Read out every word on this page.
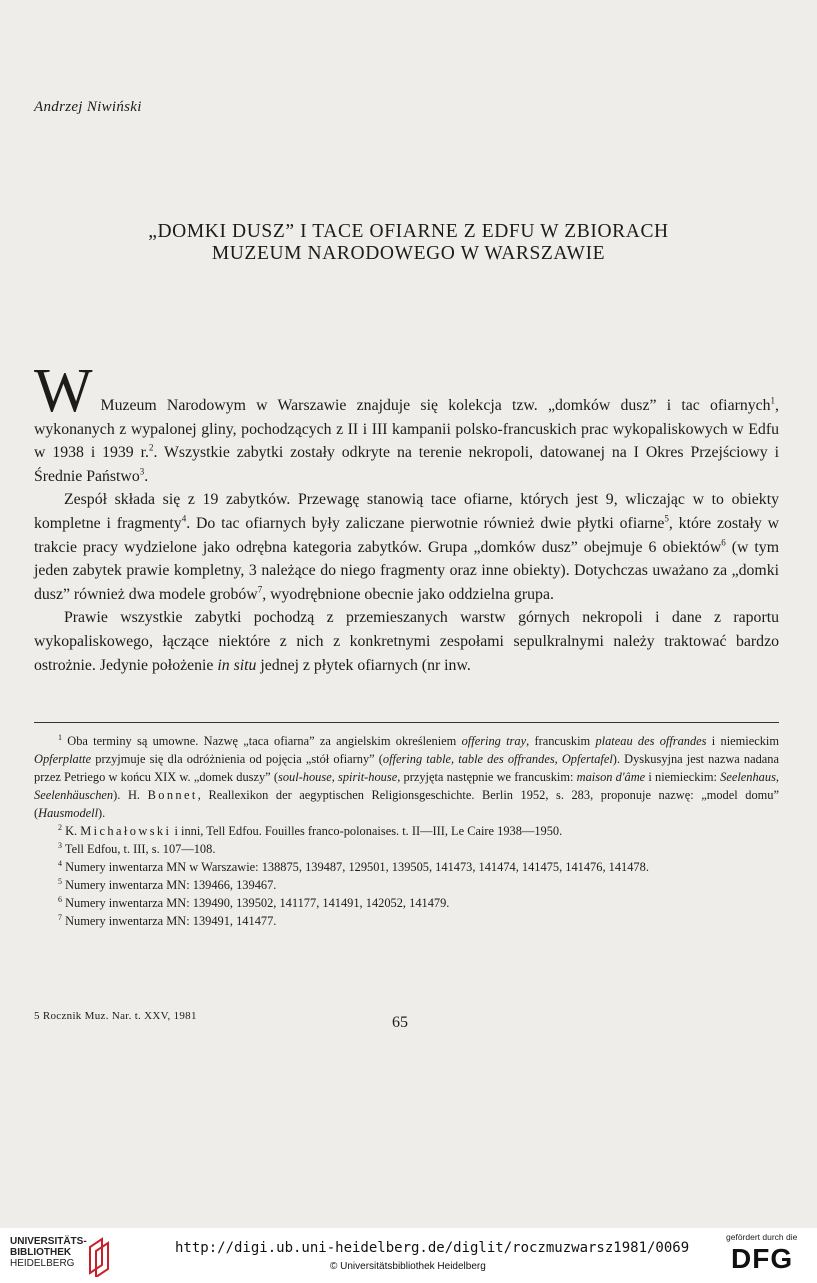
Andrzej Niwiński
„DOMKI DUSZ” I TACE OFIARNE Z EDFU W ZBIORACH
MUZEUM NARODOWEGO W WARSZAWIE

W Muzeum Narodowym w Warszawie znajduje się kolekcja tzw. „domków dusz” i tac ofiarnych$^1$, wykonanych z wypalonej gliny, pochodzących z II i III kampanii polsko-francuskich prac wykopaliskowych w Edfu w 1938 i 1939 r.$^2$. Wszystkie zabytki zostały odkryte na terenie nekropoli, datowanej na I Okres Przejściowy i Średnie Państwo$^3$.

Zespół składa się z 19 zabytków. Przewagę stanowią tace ofiarne, których jest 9, wliczając w to obiekty kompletne i fragmenty$^4$. Do tac ofiarnych były zaliczane pierwotnie również dwie płytki ofiarne$^5$, które zostały w trakcie pracy wydzielone jako odrębna kategoria zabytków. Grupa „domków dusz” obejmuje 6 obiektów$^6$ (w tym jeden zabytek prawie kompletny, 3 należące do niego fragmenty oraz inne obiekty). Dotychczas uważano za „domki dusz” również dwa modele grobów$^7$, wyodrębnione obecnie jako oddzielna grupa.

Prawie wszystkie zabytki pochodzą z przemieszanych warstw górnych nekropoli i dane z raportu wykopaliskowego, łączące niektóre z nich z konkretnymi zespołami sepulkralnymi należy traktować bardzo ostrożnie. Jedynie położenie in situ jednej z płytek ofiarnych (nr inw.

$^1$ Oba terminy są umowne. Nazwę „taca ofiarna” za angielskim określeniem offering tray, francuskim plateau des offrandes i niemieckim Opferplatte przyjmuje się dla odróżnienia od pojęcia „stół ofiarny” (offering table, table des offrandes, Opfertafel). Dyskusyjna jest nazwa nadana przez Petriego w końcu XIX w. „domek duszy” (soul-house, spirit-house, przyjęta następnie we francuskim: maison d'âme i niemieckim: Seelenhaus, Seelenhäuschen). H. Bonnet, Reallexikon der aegyptischen Religionsgeschichte. Berlin 1952, s. 283, proponuje nazwę: „model domu” (Hausmodell).

$^2$ K. Michałowski i inni, Tell Edfou. Fouilles franco-polonaises. t. II—III, Le Caire 1938—1950.

$^3$ Tell Edfou, t. III, s. 107—108.

$^4$ Numery inwentarza MN w Warszawie: 138875, 139487, 129501, 139505, 141473, 141474, 141475, 141476, 141478.

$^5$ Numery inwentarza MN: 139466, 139467.

$^6$ Numery inwentarza MN: 139490, 139502, 141177, 141491, 142052, 141479.

$^7$ Numery inwentarza MN: 139491, 141477.

5 Rocznik Muz. Nar. t. XXV, 1981	65
UNIVERSITÄTS-
BIBLIOTHEK
HEIDELBERG
http://digi.ub.uni-heidelberg.de/diglit/roczmuzwarsz1981/0069
© Universitätsbibliothek Heidelberg
gefördert durch die
DFG
